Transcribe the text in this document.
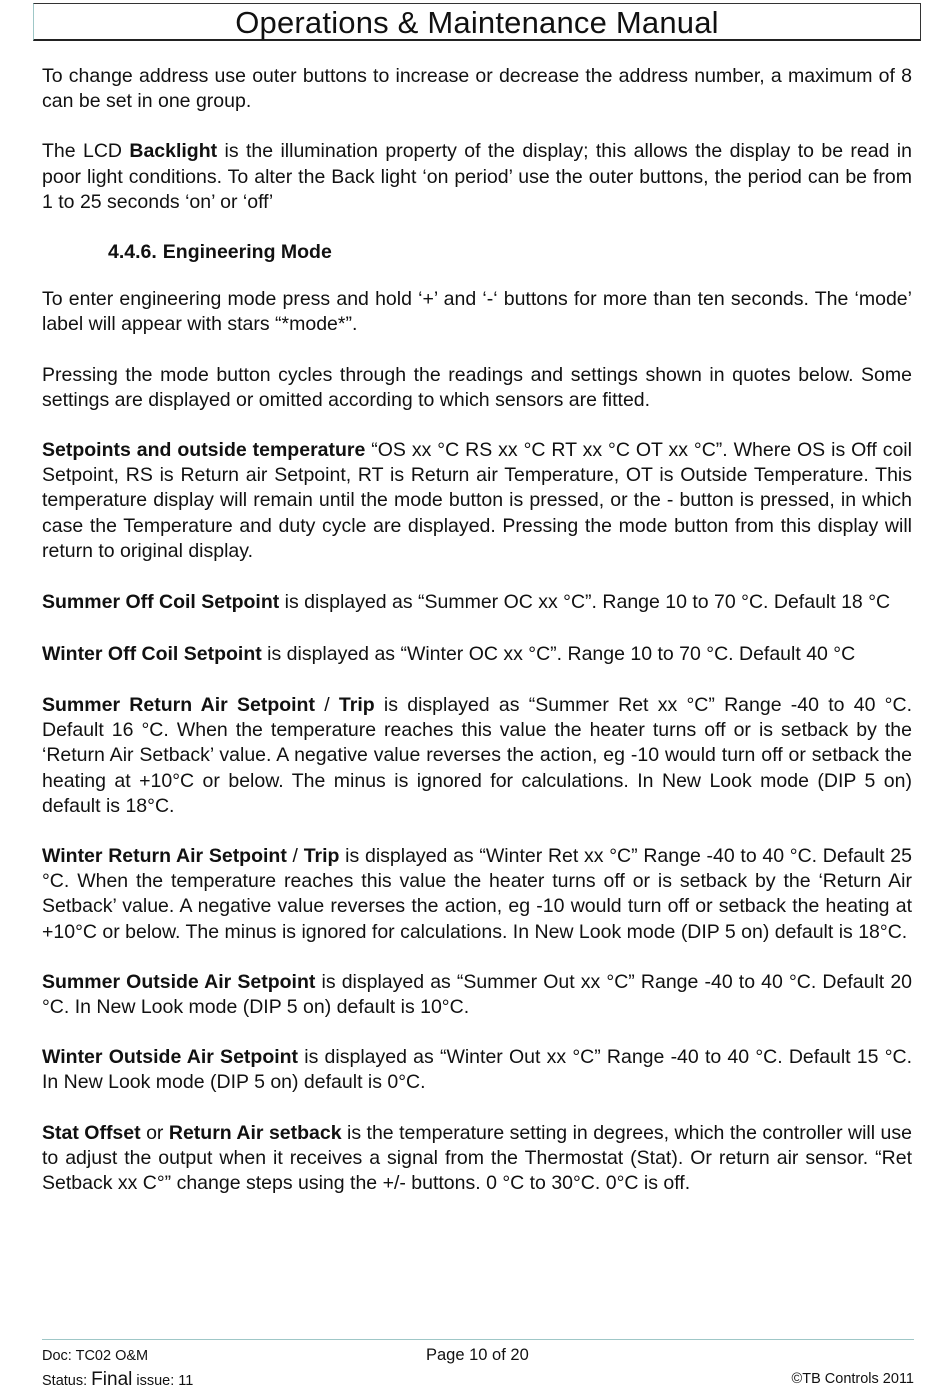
Operations & Maintenance Manual

To change address use outer buttons to increase or decrease the address number, a maximum of 8 can be set in one group.

The LCD Backlight is the illumination property of the display; this allows the display to be read in poor light conditions. To alter the Back light ‘on period’ use the outer buttons, the period can be from 1 to 25 seconds ‘on’ or ‘off’

4.4.6. Engineering Mode

To enter engineering mode press and hold ‘+’ and ‘-‘ buttons for more than ten seconds. The ‘mode’ label will appear with stars “*mode*”.

Pressing the mode button cycles through the readings and settings shown in quotes below. Some settings are displayed or omitted according to which sensors are fitted.

Setpoints and outside temperature “OS xx °C RS xx °C RT xx °C OT xx °C”. Where OS is Off coil Setpoint, RS is Return air Setpoint, RT is Return air Temperature, OT is Outside Temperature. This temperature display will remain until the mode button is pressed, or the - button is pressed, in which case the Temperature and duty cycle are displayed. Pressing the mode button from this display will return to original display.

Summer Off Coil Setpoint is displayed as “Summer OC xx °C”. Range 10 to 70 °C. Default 18 °C

Winter Off Coil Setpoint is displayed as “Winter OC xx °C”. Range 10 to 70 °C. Default 40 °C

Summer Return Air Setpoint / Trip is displayed as “Summer Ret xx °C” Range -40 to 40 °C. Default 16 °C. When the temperature reaches this value the heater turns off or is setback by the ‘Return Air Setback’ value. A negative value reverses the action, eg -10 would turn off or setback the heating at +10°C or below. The minus is ignored for calculations. In New Look mode (DIP 5 on) default is 18°C.

Winter Return Air Setpoint / Trip is displayed as “Winter Ret xx °C” Range -40 to 40 °C. Default 25 °C. When the temperature reaches this value the heater turns off or is setback by the ‘Return Air Setback’ value. A negative value reverses the action, eg -10 would turn off or setback the heating at +10°C or below. The minus is ignored for calculations. In New Look mode (DIP 5 on) default is 18°C.

Summer Outside Air Setpoint is displayed as “Summer Out xx °C” Range -40 to 40 °C. Default 20 °C. In New Look mode (DIP 5 on) default is 10°C.

Winter Outside Air Setpoint is displayed as “Winter Out xx °C” Range -40 to 40 °C. Default 15 °C. In New Look mode (DIP 5 on) default is 0°C.

Stat Offset or Return Air setback is the temperature setting in degrees, which the controller will use to adjust the output when it receives a signal from the Thermostat (Stat). Or return air sensor. “Ret Setback xx C°” change steps using the +/- buttons. 0 °C to 30°C. 0°C is off.

Doc: TC02 O&M	Page 10 of 20
Status: Final issue: 11	©TB Controls 2011
